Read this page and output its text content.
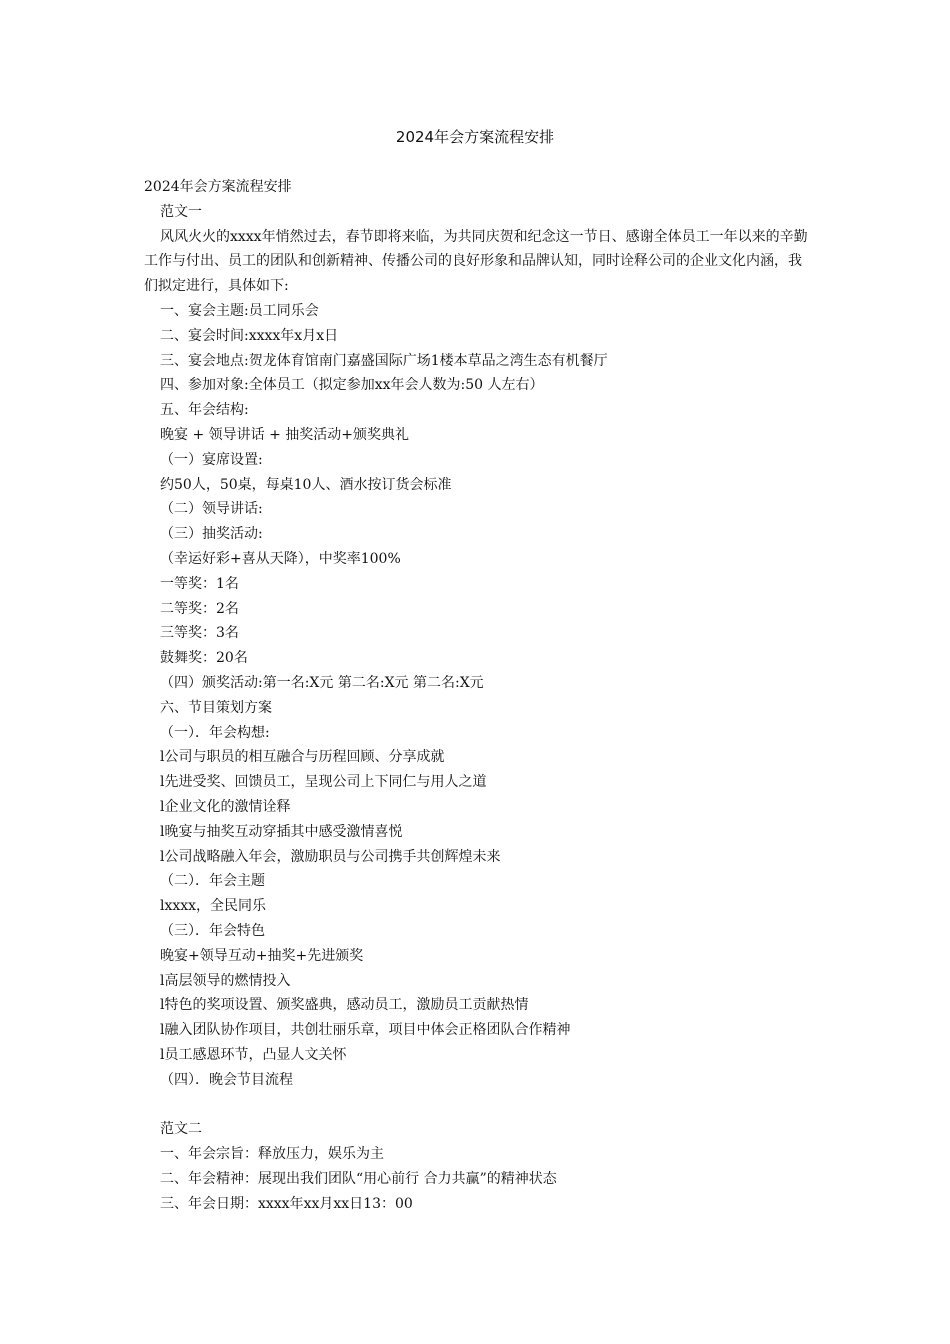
2024年会方案流程安排
2024年会方案流程安排
范文一
风风火火的xxxx年悄然过去，春节即将来临，为共同庆贺和纪念这一节日、感谢全体员工一年以来的辛勤工作与付出、员工的团队和创新精神、传播公司的良好形象和品牌认知，同时诠释公司的企业文化内涵，我们拟定进行，具体如下:
一、宴会主题:员工同乐会
二、宴会时间:xxxx年x月x日
三、宴会地点:贺龙体育馆南门嘉盛国际广场1楼本草品之湾生态有机餐厅
四、参加对象:全体员工（拟定参加xx年会人数为:50 人左右）
五、年会结构:
晚宴 + 领导讲话 + 抽奖活动+颁奖典礼
（一）宴席设置:
约50人，50桌，每桌10人、酒水按订货会标准
（二）领导讲话:
（三）抽奖活动:
（幸运好彩+喜从天降），中奖率100%
一等奖：1名
二等奖：2名
三等奖：3名
鼓舞奖：20名
（四）颁奖活动:第一名:X元 第二名:X元 第二名:X元
六、节目策划方案
（一）．年会构想:
l公司与职员的相互融合与历程回顾、分享成就
l先进受奖、回馈员工，呈现公司上下同仁与用人之道
l企业文化的激情诠释
l晚宴与抽奖互动穿插其中感受激情喜悦
l公司战略融入年会，激励职员与公司携手共创辉煌未来
（二）．年会主题
lxxxx，全民同乐
（三）．年会特色
晚宴+领导互动+抽奖+先进颁奖
l高层领导的燃情投入
l特色的奖项设置、颁奖盛典，感动员工，激励员工贡献热情
l融入团队协作项目，共创壮丽乐章，项目中体会正格团队合作精神
l员工感恩环节，凸显人文关怀
（四）．晚会节目流程
范文二
一、年会宗旨：释放压力，娱乐为主
二、年会精神：展现出我们团队“用心前行 合力共赢”的精神状态
三、年会日期：xxxx年xx月xx日13：00
